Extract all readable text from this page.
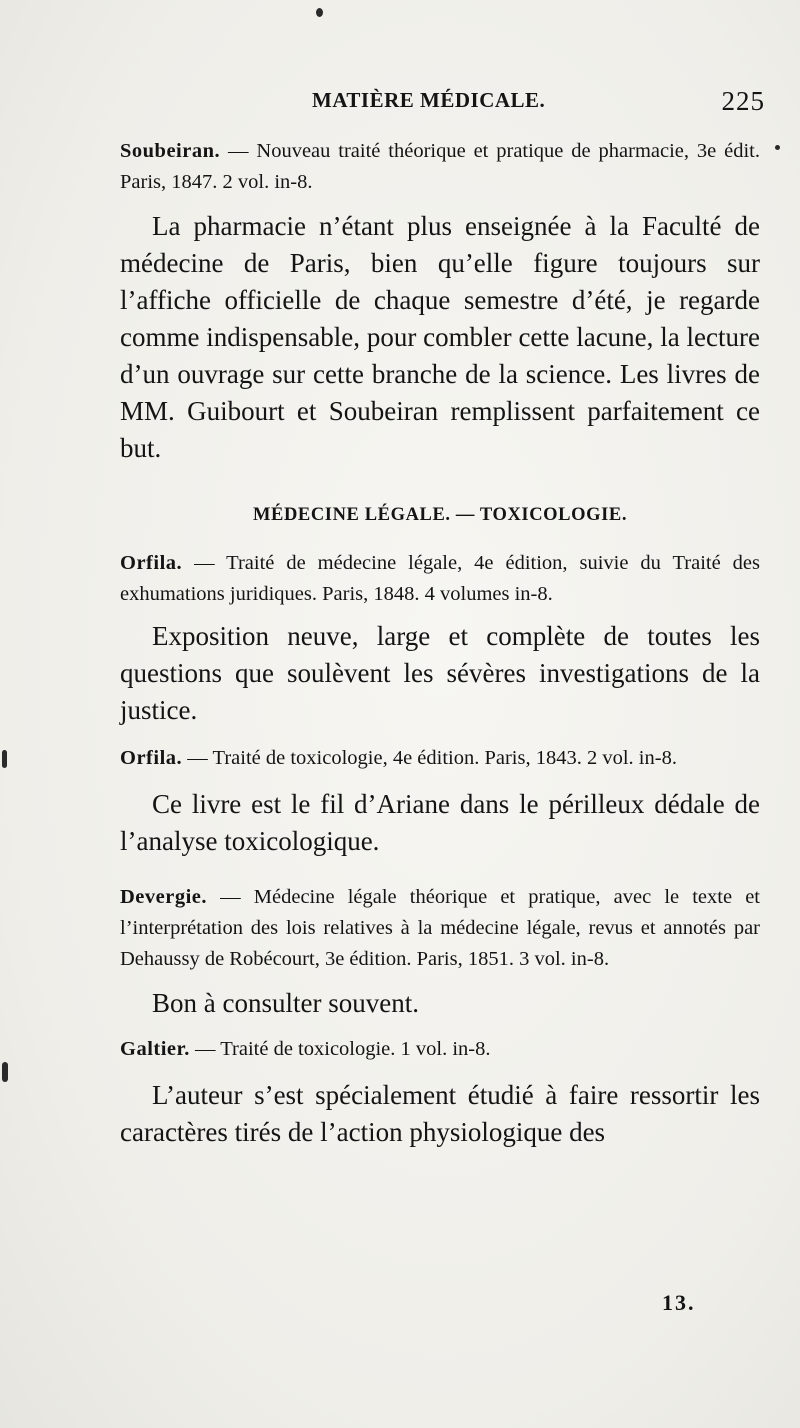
MATIÈRE MÉDICALE.	225

Soubeiran. — Nouveau traité théorique et pratique de pharmacie, 3e édit. Paris, 1847. 2 vol. in-8.

La pharmacie n’étant plus enseignée à la Faculté de médecine de Paris, bien qu’elle figure toujours sur l’affiche officielle de chaque semestre d’été, je regarde comme indispensable, pour combler cette lacune, la lecture d’un ouvrage sur cette branche de la science. Les livres de MM. Guibourt et Soubeiran remplissent parfaitement ce but.

MÉDECINE LÉGALE. — TOXICOLOGIE.

Orfila. — Traité de médecine légale, 4e édition, suivie du Traité des exhumations juridiques. Paris, 1848. 4 volumes in-8.

Exposition neuve, large et complète de toutes les questions que soulèvent les sévères investigations de la justice.

Orfila. — Traité de toxicologie, 4e édition. Paris, 1843. 2 vol. in-8.

Ce livre est le fil d’Ariane dans le périlleux dédale de l’analyse toxicologique.

Devergie. — Médecine légale théorique et pratique, avec le texte et l’interprétation des lois relatives à la médecine légale, revus et annotés par Dehaussy de Robécourt, 3e édition. Paris, 1851. 3 vol. in-8.

Bon à consulter souvent.

Galtier. — Traité de toxicologie. 1 vol. in-8.

L’auteur s’est spécialement étudié à faire ressortir les caractères tirés de l’action physiologique des

13.
